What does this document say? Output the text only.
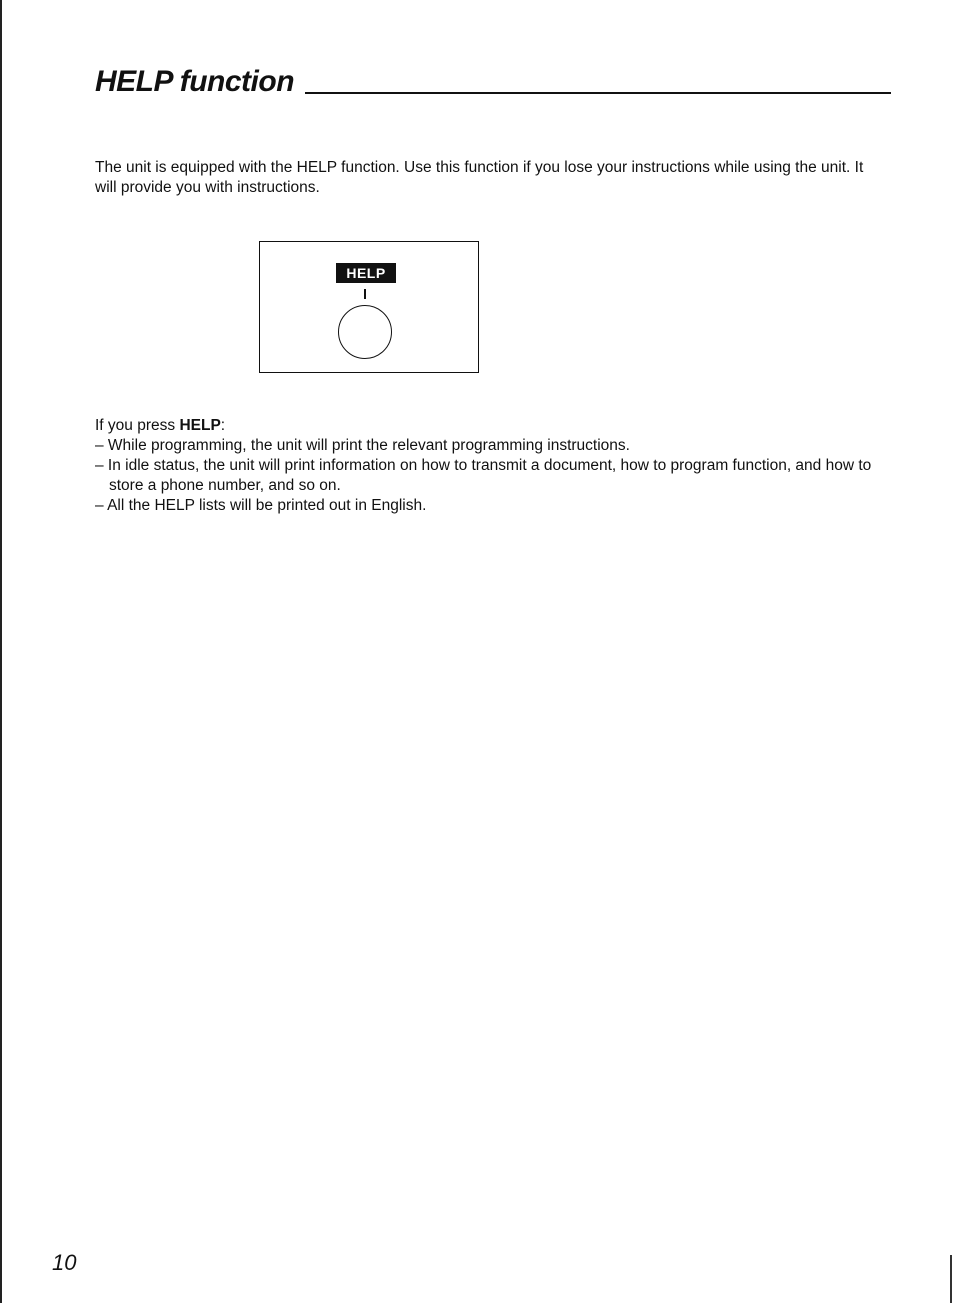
HELP function

The unit is equipped with the HELP function. Use this function if you lose your instructions while using the unit. It will provide you with instructions.

HELP

If you press HELP:

– While programming, the unit will print the relevant programming instructions.

– In idle status, the unit will print information on how to transmit a document, how to program function, and how to store a phone number, and so on.

– All the HELP lists will be printed out in English.

10
